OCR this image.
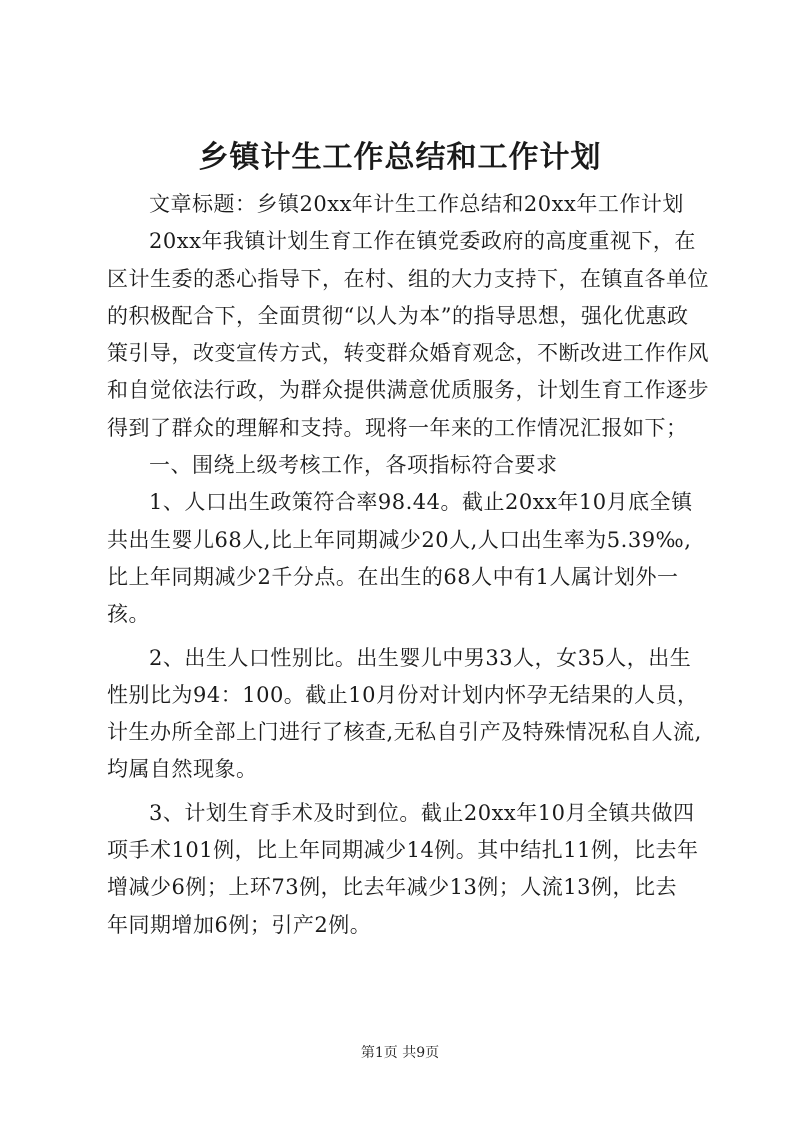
乡镇计生工作总结和工作计划
文章标题：乡镇20xx年计生工作总结和20xx年工作计划
20xx年我镇计划生育工作在镇党委政府的高度重视下，在
区计生委的悉心指导下，在村、组的大力支持下，在镇直各单位
的积极配合下，全面贯彻“以人为本”的指导思想，强化优惠政
策引导，改变宣传方式，转变群众婚育观念，不断改进工作作风
和自觉依法行政，为群众提供满意优质服务，计划生育工作逐步
得到了群众的理解和支持。现将一年来的工作情况汇报如下；
一、围绕上级考核工作，各项指标符合要求
1、人口出生政策符合率98.44。截止20xx年10月底全镇
共出生婴儿68人,比上年同期减少20人,人口出生率为5.39‰,
比上年同期减少2千分点。在出生的68人中有1人属计划外一
孩。
2、出生人口性别比。出生婴儿中男33人，女35人，出生
性别比为94：100。截止10月份对计划内怀孕无结果的人员，
计生办所全部上门进行了核查,无私自引产及特殊情况私自人流,
均属自然现象。
3、计划生育手术及时到位。截止20xx年10月全镇共做四
项手术101例，比上年同期减少14例。其中结扎11例，比去年
增减少6例；上环73例，比去年减少13例；人流13例，比去
年同期增加6例；引产2例。
第1页 共9页
